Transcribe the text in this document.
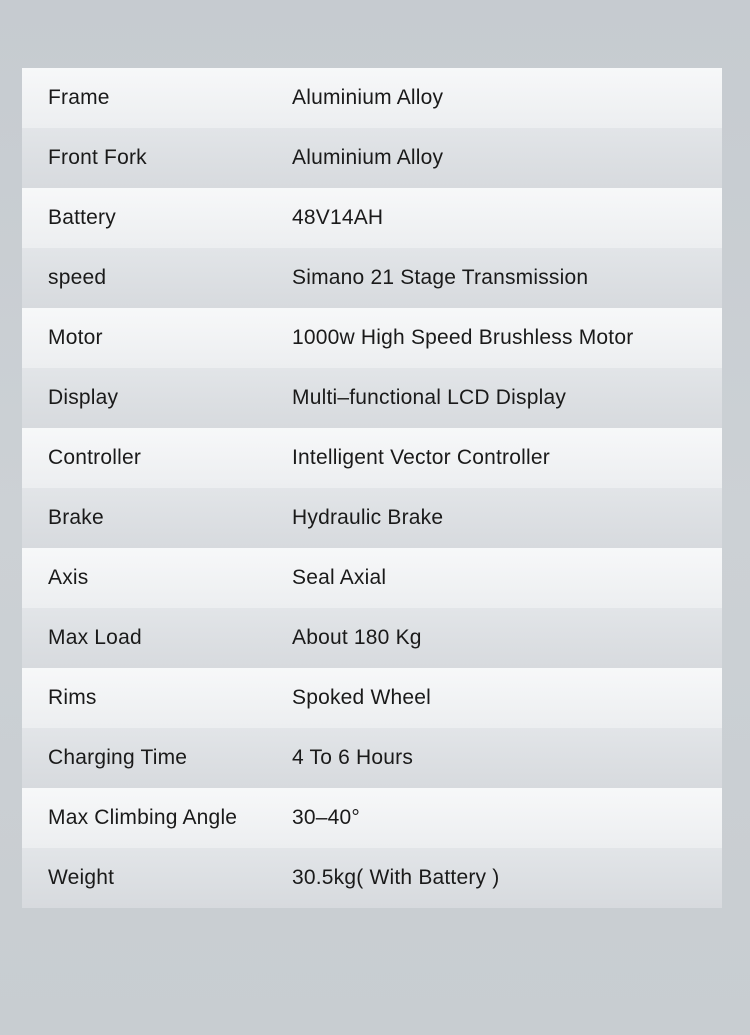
Frame	Aluminium Alloy
Front Fork	Aluminium Alloy
Battery	48V14AH
speed	Simano 21 Stage Transmission
Motor	1000w High Speed Brushless Motor
Display	Multi–functional LCD Display
Controller	Intelligent Vector Controller
Brake	Hydraulic Brake
Axis	Seal Axial
Max Load	About 180 Kg
Rims	Spoked Wheel
Charging Time	4 To 6 Hours
Max Climbing Angle	30–40°
Weight	30.5kg( With Battery )
